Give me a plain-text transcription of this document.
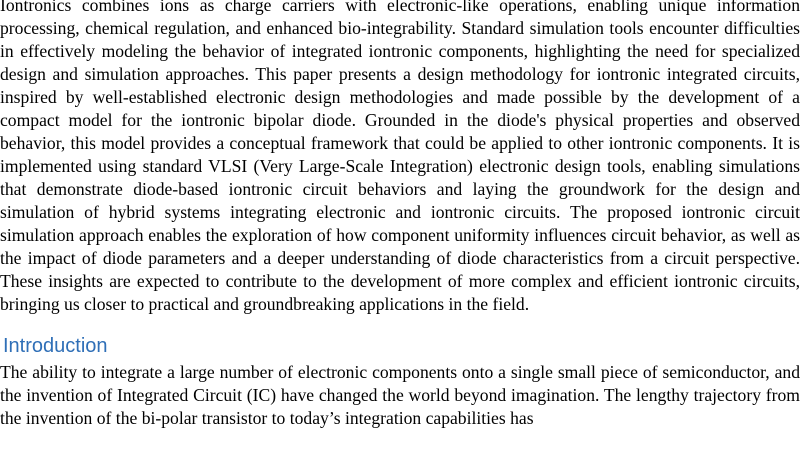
Iontronics combines ions as charge carriers with electronic-like operations, enabling unique information processing, chemical regulation, and enhanced bio-integrability. Standard simulation tools encounter difficulties in effectively modeling the behavior of integrated iontronic components, highlighting the need for specialized design and simulation approaches. This paper presents a design methodology for iontronic integrated circuits, inspired by well-established electronic design methodologies and made possible by the development of a compact model for the iontronic bipolar diode. Grounded in the diode's physical properties and observed behavior, this model provides a conceptual framework that could be applied to other iontronic components. It is implemented using standard VLSI (Very Large-Scale Integration) electronic design tools, enabling simulations that demonstrate diode-based iontronic circuit behaviors and laying the groundwork for the design and simulation of hybrid systems integrating electronic and iontronic circuits. The proposed iontronic circuit simulation approach enables the exploration of how component uniformity influences circuit behavior, as well as the impact of diode parameters and a deeper understanding of diode characteristics from a circuit perspective. These insights are expected to contribute to the development of more complex and efficient iontronic circuits, bringing us closer to practical and groundbreaking applications in the field.

Introduction

The ability to integrate a large number of electronic components onto a single small piece of semiconductor, and the invention of Integrated Circuit (IC) have changed the world beyond imagination. The lengthy trajectory from the invention of the bi-polar transistor to today’s integration capabilities has
